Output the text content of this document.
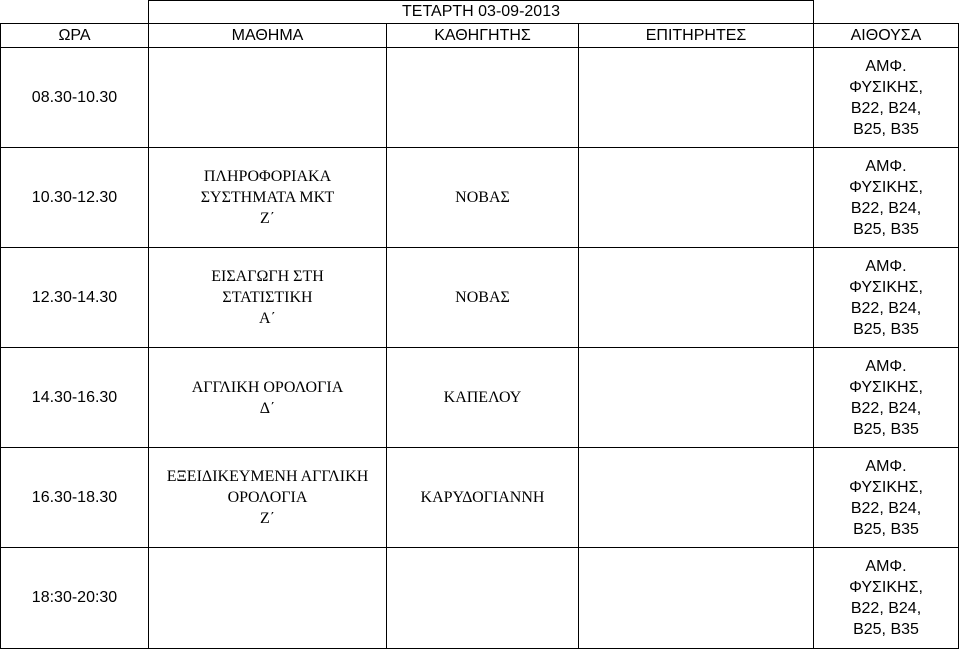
	ΤΕΤΑΡΤΗ 03-09-2013			
ΩΡΑ	ΜΑΘΗΜΑ	ΚΑΘΗΓΗΤΗΣ	ΕΠΙΤΗΡΗΤΕΣ	ΑΙΘΟΥΣΑ
08.30-10.30				ΑΜΦ.
ΦΥΣΙΚΗΣ,
B22, B24,
B25, B35

10.30-12.30	ΠΛΗΡΟΦΟΡΙΑΚΑ
ΣΥΣΤΗΜΑΤΑ ΜΚΤ
Ζ΄	ΝΟΒΑΣ		ΑΜΦ.
ΦΥΣΙΚΗΣ,
B22, B24,
B25, B35

12.30-14.30	ΕΙΣΑΓΩΓΗ ΣΤΗ
ΣΤΑΤΙΣΤΙΚΗ
Α΄	ΝΟΒΑΣ		ΑΜΦ.
ΦΥΣΙΚΗΣ,
B22, B24,
B25, B35

14.30-16.30	ΑΓΓΛΙΚΗ ΟΡΟΛΟΓΙΑ
Δ΄	ΚΑΠΕΛΟΥ		ΑΜΦ.
ΦΥΣΙΚΗΣ,
B22, B24,
B25, B35

16.30-18.30	ΕΞΕΙΔΙΚΕΥΜΕΝΗ ΑΓΓΛΙΚΗ
ΟΡΟΛΟΓΙΑ
Ζ΄	ΚΑΡΥΔΟΓΙΑΝΝΗ		ΑΜΦ.
ΦΥΣΙΚΗΣ,
B22, B24,
B25, B35

18:30-20:30				ΑΜΦ.
ΦΥΣΙΚΗΣ,
B22, B24,
B25, B35
